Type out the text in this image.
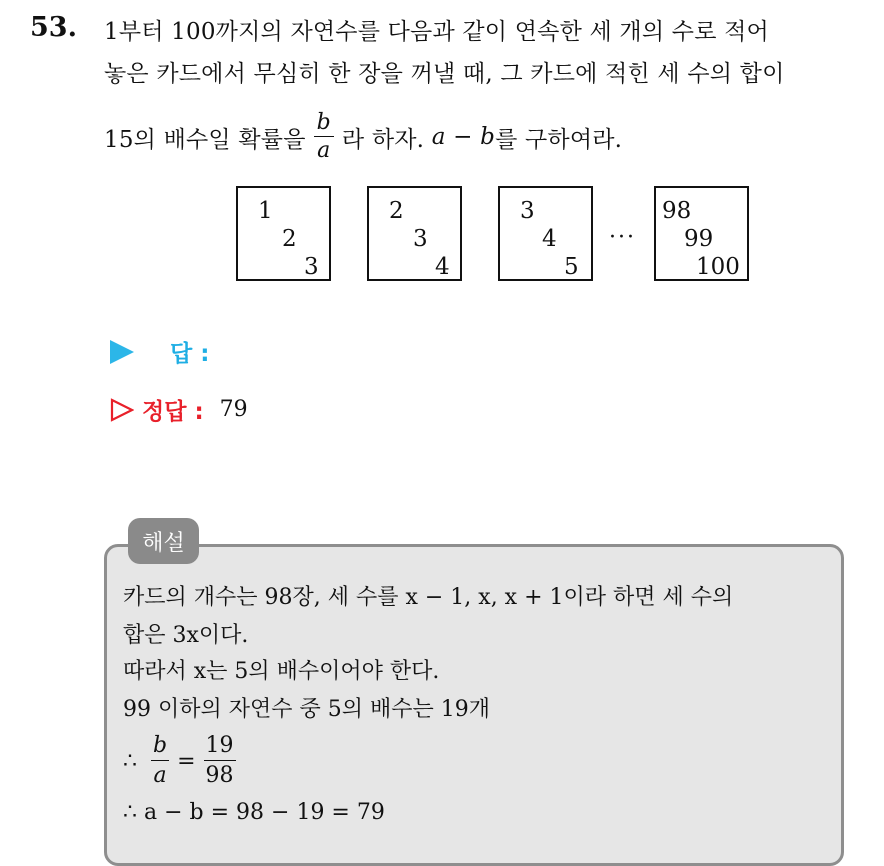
53. 1부터 100까지의 자연수를 다음과 같이 연속한 세 개의 수로 적어
놓은 카드에서 무심히 한 장을 꺼낼 때, 그 카드에 적힌 세 수의 합이
15의 배수일 확률을 $\frac{b}{a}$ 라 하자.
a − b 를 구하여라.
1
2
3
2
3
4
3
4
5
···
98
99
100
답 :
정답 : 79
해설
카드의 개수는 98장, 세 수를 x − 1, x, x + 1이라 하면 세 수의
합은 3x이다.
따라서 x는 5의 배수이어야 한다.
99 이하의 자연수 중 5의 배수는 19개
∴ $\frac{b}{a} = \frac{19}{98}$
∴ a − b = 98 − 19 = 79
